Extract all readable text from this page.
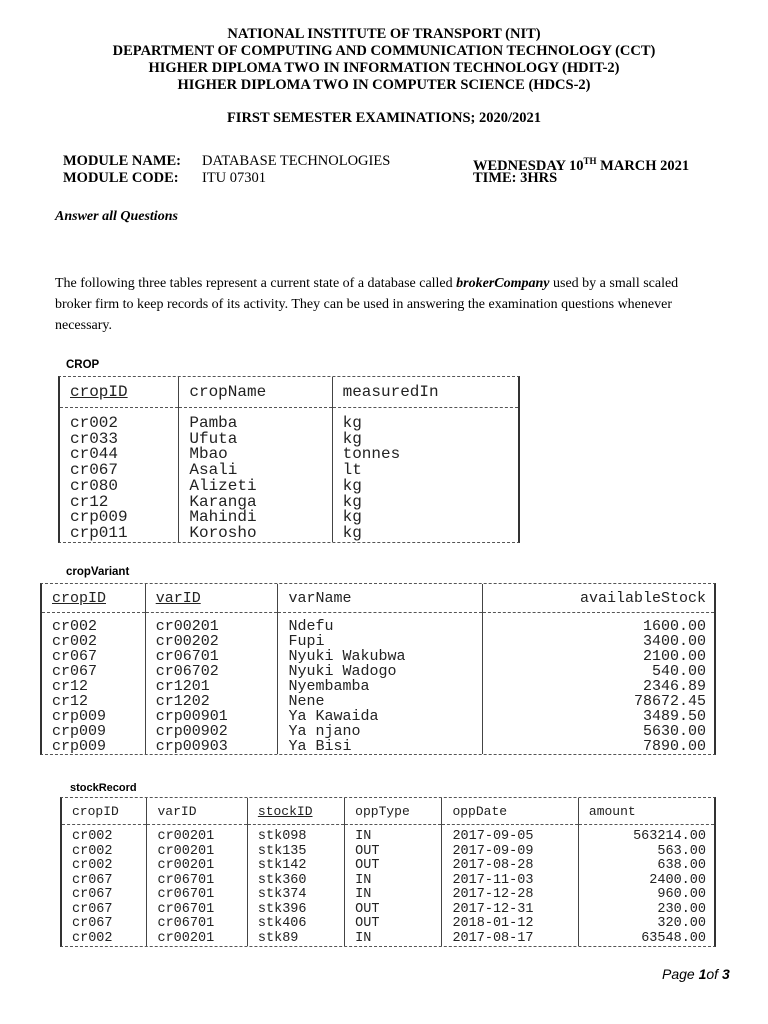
NATIONAL INSTITUTE OF TRANSPORT (NIT)
DEPARTMENT OF COMPUTING AND COMMUNICATION TECHNOLOGY (CCT)
HIGHER DIPLOMA TWO IN INFORMATION TECHNOLOGY (HDIT-2)
HIGHER DIPLOMA TWO IN COMPUTER SCIENCE (HDCS-2)
FIRST SEMESTER EXAMINATIONS; 2020/2021
MODULE NAME: DATABASE TECHNOLOGIES
MODULE CODE: ITU 07301
WEDNESDAY 10TH MARCH 2021
TIME: 3HRS
Answer all Questions
The following three tables represent a current state of a database called brokerCompany used by a small scaled broker firm to keep records of its activity. They can be used in answering the examination questions whenever necessary.
CROP
cropID	cropName	measuredIn
cr002	Pamba	kg
cr033	Ufuta	kg
cr044	Mbao	tonnes
cr067	Asali	lt
cr080	Alizeti	kg
cr12	Karanga	kg
crp009	Mahindi	kg
crp011	Korosho	kg
cropVariant
cropID	varID	varName	availableStock
cr002	cr00201	Ndefu	1600.00
cr002	cr00202	Fupi	3400.00
cr067	cr06701	Nyuki Wakubwa	2100.00
cr067	cr06702	Nyuki Wadogo	540.00
cr12	cr1201	Nyembamba	2346.89
cr12	cr1202	Nene	78672.45
crp009	crp00901	Ya Kawaida	3489.50
crp009	crp00902	Ya njano	5630.00
crp009	crp00903	Ya Bisi	7890.00
stockRecord
cropID	varID	stockID	oppType	oppDate	amount
cr002	cr00201	stk098	IN	2017-09-05	563214.00
cr002	cr00201	stk135	OUT	2017-09-09	563.00
cr002	cr00201	stk142	OUT	2017-08-28	638.00
cr067	cr06701	stk360	IN	2017-11-03	2400.00
cr067	cr06701	stk374	IN	2017-12-28	960.00
cr067	cr06701	stk396	OUT	2017-12-31	230.00
cr067	cr06701	stk406	OUT	2018-01-12	320.00
cr002	cr00201	stk89	IN	2017-08-17	63548.00
Page 1of 3
